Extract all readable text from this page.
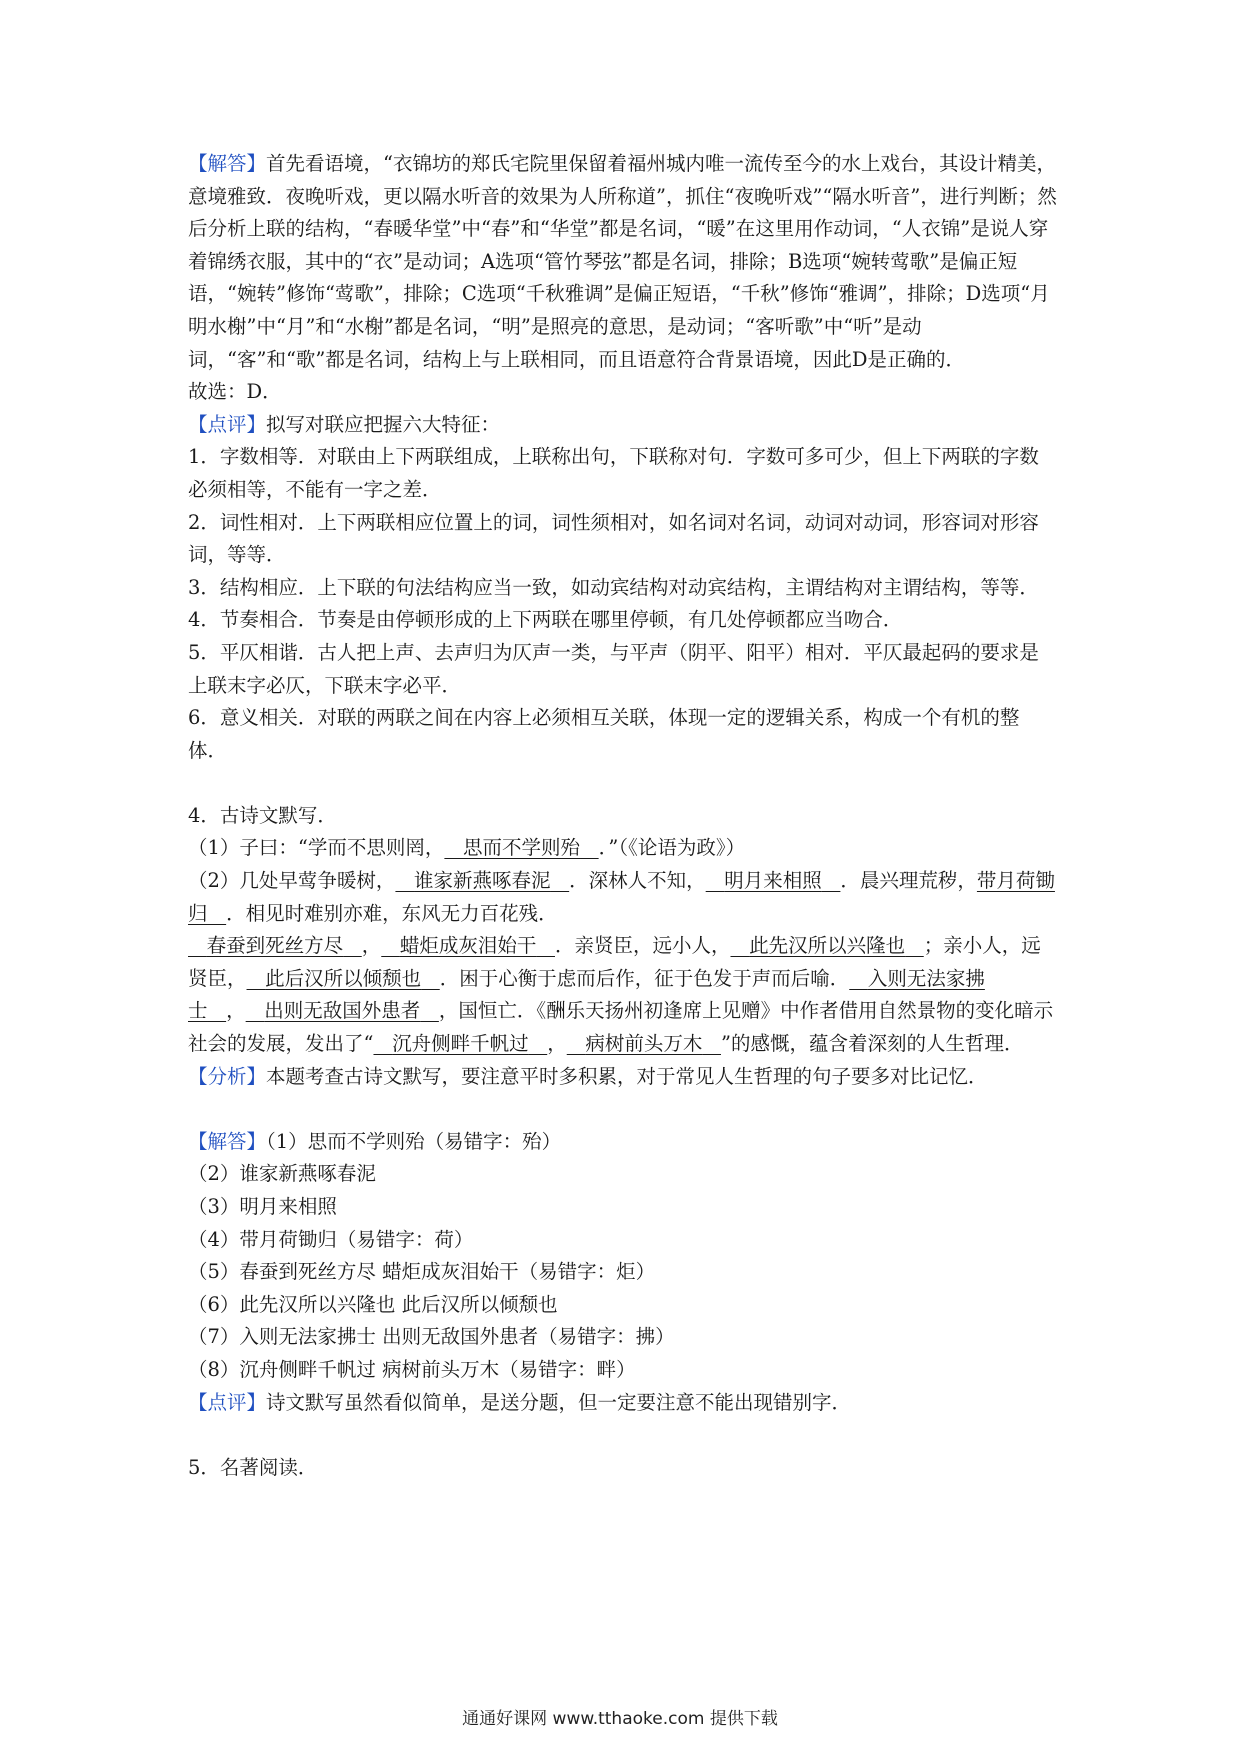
【解答】首先看语境，“衣锦坊的郑氏宅院里保留着福州城内唯一流传至今的水上戏台，其设计精美，意境雅致．夜晚听戏，更以隔水听音的效果为人所称道”，抓住“夜晚听戏”“隔水听音”，进行判断；然后分析上联的结构，“春暖华堂”中“春”和“华堂”都是名词，“暖”在这里用作动词，“人衣锦”是说人穿着锦绣衣服，其中的“衣”是动词；A选项“管竹琴弦”都是名词，排除；B选项“婉转莺歌”是偏正短语，“婉转”修饰“莺歌”，排除；C选项“千秋雅调”是偏正短语，“千秋”修饰“雅调”，排除；D选项“月明水榭”中“月”和“水榭”都是名词，“明”是照亮的意思，是动词；“客听歌”中“听”是动词，“客”和“歌”都是名词，结构上与上联相同，而且语意符合背景语境，因此D是正确的．

故选：D．

【点评】拟写对联应把握六大特征：

1．字数相等．对联由上下两联组成，上联称出句，下联称对句．字数可多可少，但上下两联的字数必须相等，不能有一字之差．

2．词性相对．上下两联相应位置上的词，词性须相对，如名词对名词，动词对动词，形容词对形容词，等等．

3．结构相应．上下联的句法结构应当一致，如动宾结构对动宾结构，主谓结构对主谓结构，等等．

4．节奏相合．节奏是由停顿形成的上下两联在哪里停顿，有几处停顿都应当吻合．

5．平仄相谐．古人把上声、去声归为仄声一类，与平声（阴平、阳平）相对．平仄最起码的要求是上联末字必仄，下联末字必平．

6．意义相关．对联的两联之间在内容上必须相互关联，体现一定的逻辑关系，构成一个有机的整体．

4．古诗文默写．

（1）子曰：“学而不思则罔， 思而不学则殆 ．”（《论语为政》）

（2）几处早莺争暖树， 谁家新燕啄春泥 ．深林人不知， 明月来相照 ．晨兴理荒秽，带月荷锄归 ．相见时难别亦难，东风无力百花残．

春蚕到死丝方尽 ， 蜡炬成灰泪始干 ．亲贤臣，远小人， 此先汉所以兴隆也 ；亲小人，远贤臣， 此后汉所以倾颓也 ．困于心衡于虑而后作，征于色发于声而后喻． 入则无法家拂士 ， 出则无敌国外患者 ，国恒亡．《酬乐天扬州初逢席上见赠》中作者借用自然景物的变化暗示社会的发展，发出了“ 沉舟侧畔千帆过 ， 病树前头万木 ”的感慨，蕴含着深刻的人生哲理．

【分析】本题考查古诗文默写，要注意平时多积累，对于常见人生哲理的句子要多对比记忆．

【解答】（1）思而不学则殆（易错字：殆）

（2）谁家新燕啄春泥

（3）明月来相照

（4）带月荷锄归（易错字：荷）

（5）春蚕到死丝方尽 蜡炬成灰泪始干（易错字：炬）

（6）此先汉所以兴隆也 此后汉所以倾颓也

（7）入则无法家拂士 出则无敌国外患者（易错字：拂）

（8）沉舟侧畔千帆过 病树前头万木（易错字：畔）

【点评】诗文默写虽然看似简单，是送分题，但一定要注意不能出现错别字．

5．名著阅读．

通通好课网 www.tthaoke.com 提供下载
